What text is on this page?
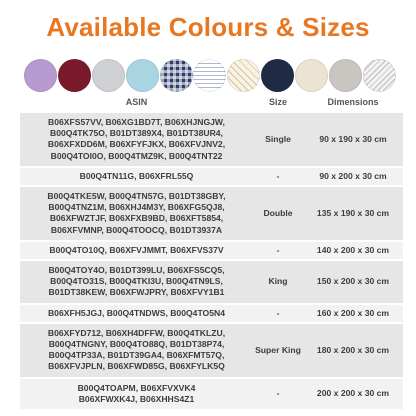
Available Colours & Sizes
ASIN	Size	Dimensions

B06XFS57VV, B06XG1BD7T, B06XHJNGJW,
B00Q4TK75O, B01DT389X4, B01DT38UR4,
B06XFXDD6M, B06XFYFJKX, B06XFVJNV2,
B00Q4TOI0O, B00Q4TMZ9K, B00Q4TNT22	Single	90 x 190 x 30 cm

B00Q4TN11G, B06XFRL55Q	-	90 x 200 x 30 cm

B00Q4TKE5W, B00Q4TN57G, B01DT38GBY,
B00Q4TNZ1M, B06XHJ4M3Y, B06XFG5QJ8,
B06XFWZTJF, B06XFXB9BD, B06XFT5854,
B06XFVMNP, B00Q4TOOCQ, B01DT3937A	Double	135 x 190 x 30 cm

B00Q4TO10Q, B06XFVJMMT, B06XFVS37V	-	140 x 200 x 30 cm

B00Q4TOY4O, B01DT399LU, B06XFS5CQ5,
B00Q4TO31S, B00Q4TKI3U, B00Q4TN9LS,
B01DT38KEW, B06XFWJPRY, B06XFVY1B1	King	150 x 200 x 30 cm

B06XFH5JGJ, B00Q4TNDWS, B00Q4TO5N4	-	160 x 200 x 30 cm

B06XFYD712, B06XH4DFFW, B00Q4TKLZU,
B00Q4TNGNY, B00Q4TO88Q, B01DT38P74,
B00Q4TP33A, B01DT39GA4, B06XFMT57Q,
B06XFVJPLN, B06XFWD85G, B06XFYLK5Q	Super King	180 x 200 x 30 cm

B00Q4TOAPM, B06XFVXVK4
B06XFWXK4J, B06XHHS4Z1	-	200 x 200 x 30 cm
